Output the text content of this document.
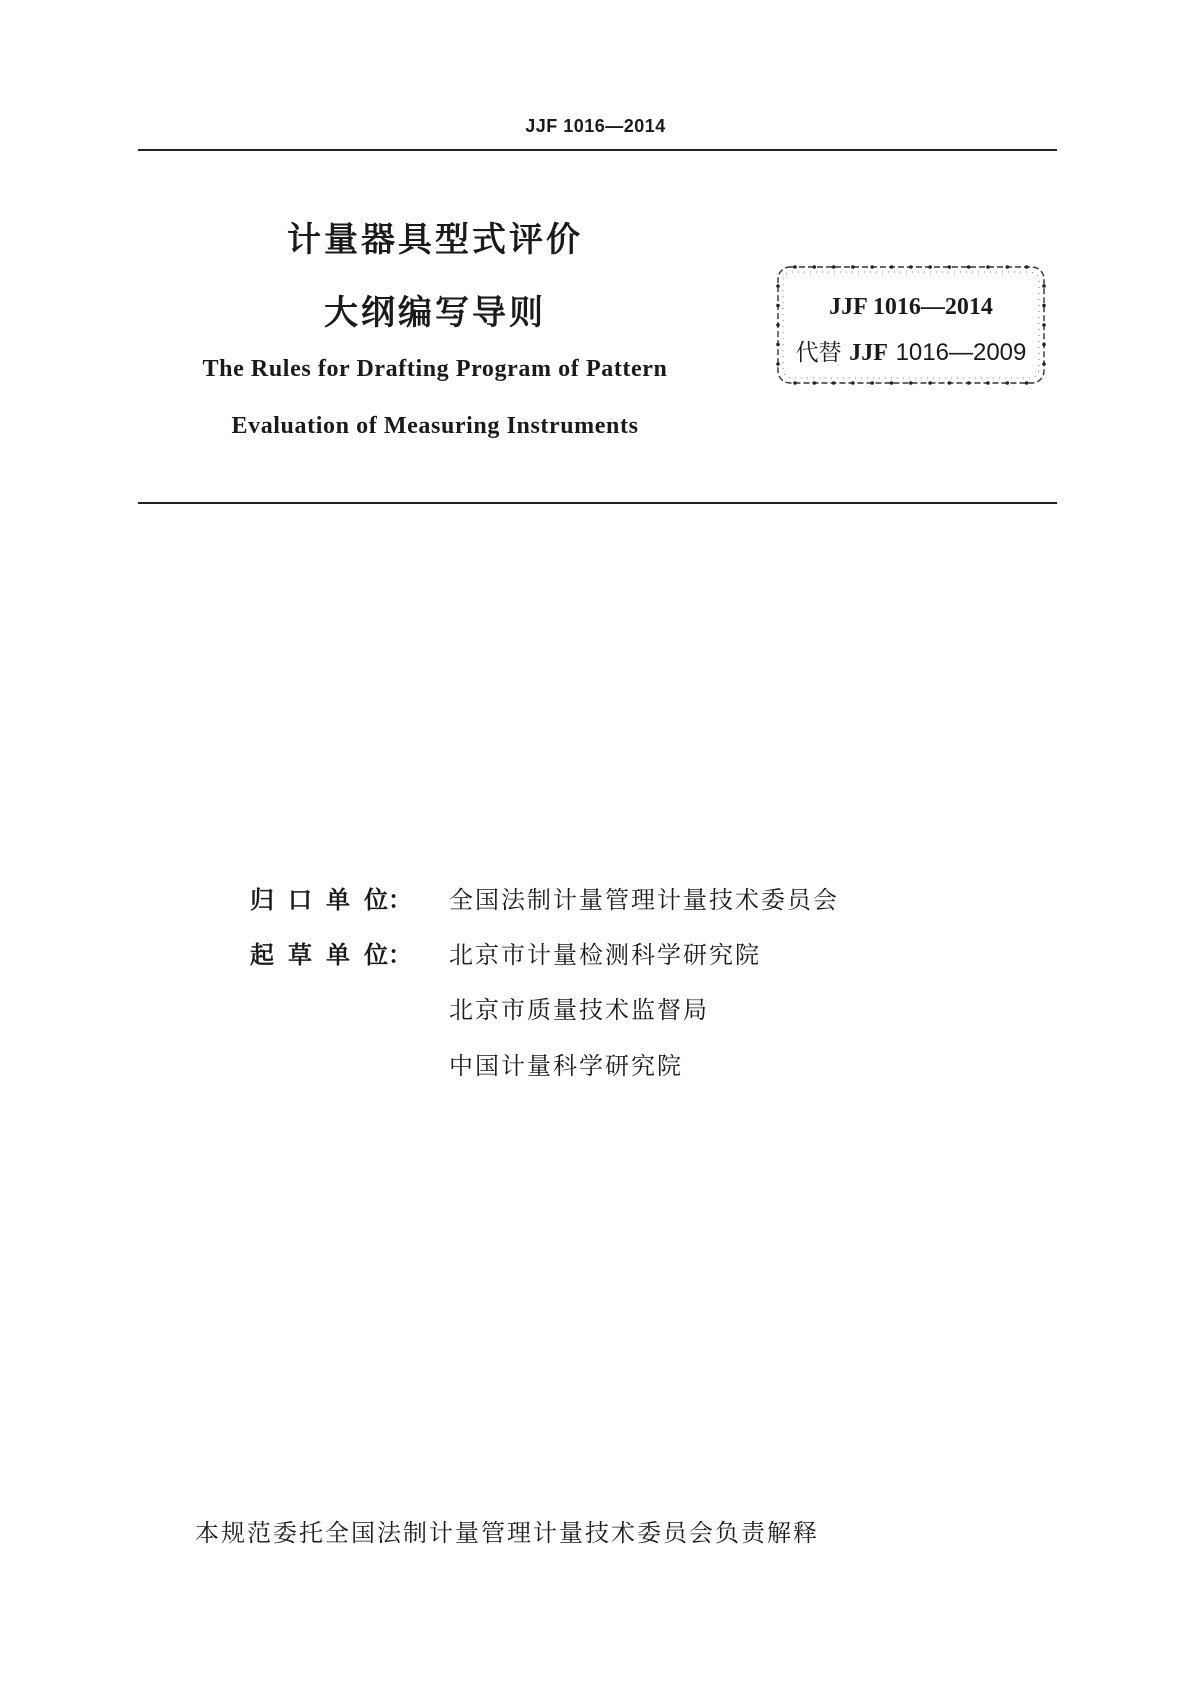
JJF 1016—2014
计量器具型式评价
大纲编写导则
The Rules for Drafting Program of Pattern
Evaluation of Measuring Instruments
JJF 1016—2014
代替 JJF 1016—2009
归 口 单 位：	全国法制计量管理计量技术委员会
起 草 单 位：	北京市计量检测科学研究院
北京市质量技术监督局
中国计量科学研究院
本规范委托全国法制计量管理计量技术委员会负责解释
